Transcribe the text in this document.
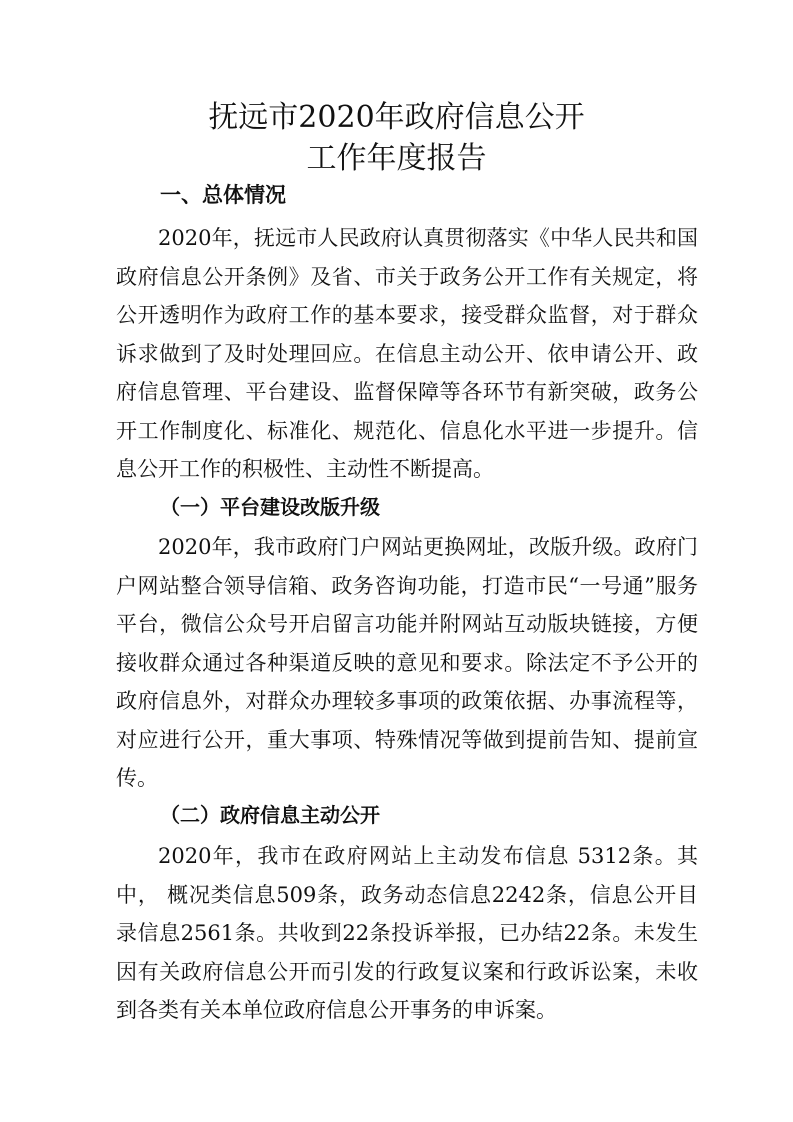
抚远市2020年政府信息公开
工作年度报告
一、总体情况
2020年，抚远市人民政府认真贯彻落实《中华人民共和国政府信息公开条例》及省、市关于政务公开工作有关规定，将公开透明作为政府工作的基本要求，接受群众监督，对于群众诉求做到了及时处理回应。在信息主动公开、依申请公开、政府信息管理、平台建设、监督保障等各环节有新突破，政务公开工作制度化、标准化、规范化、信息化水平进一步提升。信息公开工作的积极性、主动性不断提高。
（一）平台建设改版升级
2020年，我市政府门户网站更换网址，改版升级。政府门户网站整合领导信箱、政务咨询功能，打造市民“一号通”服务平台，微信公众号开启留言功能并附网站互动版块链接，方便接收群众通过各种渠道反映的意见和要求。除法定不予公开的政府信息外，对群众办理较多事项的政策依据、办事流程等，对应进行公开，重大事项、特殊情况等做到提前告知、提前宣传。
（二）政府信息主动公开
2020年，我市在政府网站上主动发布信息 5312条。其中， 概况类信息509条，政务动态信息2242条，信息公开目录信息2561条。共收到22条投诉举报，已办结22条。未发生因有关政府信息公开而引发的行政复议案和行政诉讼案，未收到各类有关本单位政府信息公开事务的申诉案。
